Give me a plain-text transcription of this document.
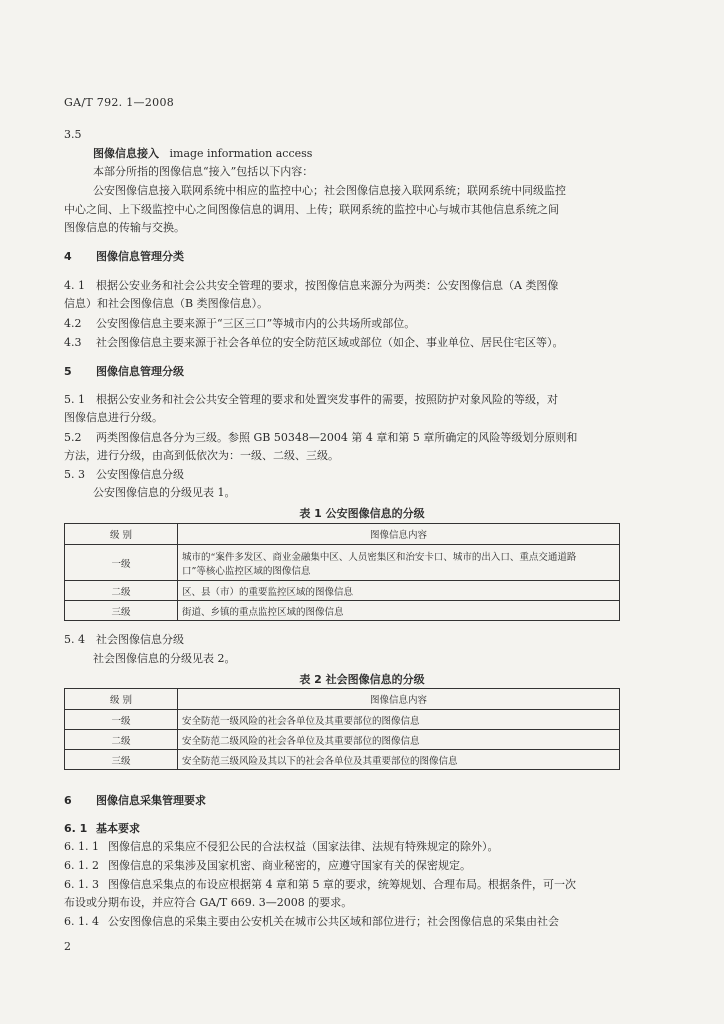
GA/T 792. 1—2008
3.5
图像信息接入 image information access
本部分所指的图像信息“接入”包括以下内容：
公安图像信息接入联网系统中相应的监控中心；社会图像信息接入联网系统；联网系统中同级监控
中心之间、上下级监控中心之间图像信息的调用、上传；联网系统的监控中心与城市其他信息系统之间
图像信息的传输与交换。
4 图像信息管理分类
4. 1 根据公安业务和社会公共安全管理的要求，按图像信息来源分为两类：公安图像信息（A 类图像
信息）和社会图像信息（B 类图像信息）。
4.2 公安图像信息主要来源于“三区三口”等城市内的公共场所或部位。
4.3 社会图像信息主要来源于社会各单位的安全防范区域或部位（如企、事业单位、居民住宅区等）。
5 图像信息管理分级
5. 1 根据公安业务和社会公共安全管理的要求和处置突发事件的需要，按照防护对象风险的等级，对
图像信息进行分级。
5.2 两类图像信息各分为三级。参照 GB 50348—2004 第 4 章和第 5 章所确定的风险等级划分原则和
方法，进行分级，由高到低依次为：一级、二级、三级。
5. 3 公安图像信息分级
公安图像信息的分级见表 1。
表 1 公安图像信息的分级
级 别	图像信息内容
一级	城市的“案件多发区、商业金融集中区、人员密集区和治安卡口、城市的出入口、重点交通道路
口”等核心监控区域的图像信息

二级	区、县（市）的重要监控区域的图像信息
三级	街道、乡镇的重点监控区域的图像信息
5. 4 社会图像信息分级
社会图像信息的分级见表 2。
表 2 社会图像信息的分级
级 别	图像信息内容
一级	安全防范一级风险的社会各单位及其重要部位的图像信息
二级	安全防范二级风险的社会各单位及其重要部位的图像信息
三级	安全防范三级风险及其以下的社会各单位及其重要部位的图像信息
6 图像信息采集管理要求
6. 1 基本要求
6. 1. 1 图像信息的采集应不侵犯公民的合法权益（国家法律、法规有特殊规定的除外）。
6. 1. 2 图像信息的采集涉及国家机密、商业秘密的，应遵守国家有关的保密规定。
6. 1. 3 图像信息采集点的布设应根据第 4 章和第 5 章的要求，统筹规划、合理布局。根据条件，可一次
布设或分期布设，并应符合 GA/T 669. 3—2008 的要求。
6. 1. 4 公安图像信息的采集主要由公安机关在城市公共区域和部位进行；社会图像信息的采集由社会
2
